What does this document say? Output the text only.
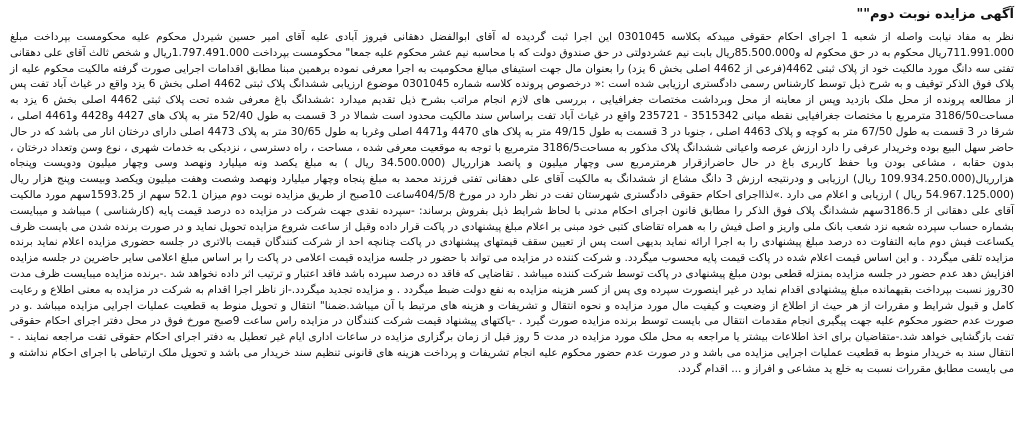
آگهی مزایده نوبت دوم""

نظر به مفاد نیابت واصله از شعبه 1 اجرای احکام حقوقی میبدکه بکلاسه 0301045 این اجرا ثبت گردیده له آقای ابوالفضل دهقانی فیروز آبادی علیه آقای امیر حسین شیردل محکوم علیه محکومست بپرداخت مبلغ 711.991.000ریال محکوم به در حق محکوم له و85.500.000ریال بابت نیم عشردولتی در حق صندوق دولت که با محاسبه نیم عشر محکوم علیه جمعا" محکومست بپرداخت 1.797.491.000ریال و شخص ثالث آقای علی دهقانی تفتی سه دانگ مورد مالکیت خود از پلاک ثبتی 4462(فرعی از 4462 اصلی بخش 6 یزد) را بعنوان مال جهت استیفای مبالغ محکومیت به اجرا معرفی نموده برهمین مبنا مطابق اقدامات اجرایی صورت گرفته مالکیت محکوم علیه از پلاک فوق الذکر توقیف و به شرح ذیل توسط کارشناس رسمی دادگستری ارزیابی شده است :« درخصوص پرونده کلاسه شماره 0301045 موضوع ارزیابی ششدانگ پلاک ثبتی 4462 اصلی بخش 6 یزد واقع در غیاث آباد تفت پس از مطالعه پرونده از محل ملک بازدید وپس از معاینه از محل وبرداشت مختصات جغرافیایی ، بررسی های لازم انجام مراتب بشرح ذیل تقدیم میدارد :ششدانگ باغ معرفی شده تحت پلاک ثبتی 4462 اصلی بخش 6 یزد به مساحت3186/50 مترمربع با مختصات جغرافیایی نقطه میانی 3515342 - 235721 واقع در غیاث آباد تفت براساس سند مالکیت محدود است شمالا در 3 قسمت به طول 52/40 متر به پلاک های 4427 و4428 و4461 اصلی ، شرقا در 3 قسمت به طول 67/50 متر به کوچه و پلاک 4463 اصلی ، جنوبا در 3 قسمت به طول 49/15 متر به پلاک های 4470 و4471 اصلی وغربا به طول 30/65 متر به پلاک 4473 اصلی دارای درختان انار می باشد که در حال حاضر سهل البیع بوده وخریدار عرفی را دارد ارزش عرصه واعیانی ششدانگ پلاک مذکور به مساحت3186/5 مترمربع با توجه به موقعیت معرفی شده ، مساحت ، راه دسترسی ، نزدیکی به خدمات شهری ، نوع وسن وتعداد درختان ، بدون حقابه ، مشاعی بودن وبا حفظ کاربری باغ در حال حاضرازقرار هرمترمربع سی وچهار میلیون و پانصد هزارریال (34.500.000 ریال ) به مبلغ یکصد ونه میلیارد ونهصد وسی وچهار میلیون ودویست وپنجاه هزارریال(109.934.250.000 ریال) ارزیابی و ودرنتیجه ارزش 3 دانگ مشاع از ششدانگ به مالکیت آقای علی دهقانی تفتی فرزند محمد به مبلغ پنجاه وچهار میلیارد ونهصد وشصت وهفت میلیون ویکصد وبیست وپنج هزار ریال (54.967.125.000 ریال ) ارزیابی و اعلام می دارد .»لذااجرای احکام حقوقی دادگستری شهرستان تفت در نظر دارد در مورخ 404/5/8ساعت 10صبح از طریق مزایده نوبت دوم میزان 52.1 سهم از 1593.25سهم مورد مالکیت آقای علی دهقانی از 3186.5سهم ششدانگ پلاک فوق الذکر را مطابق قانون اجرای احکام مدنی با لحاظ شرایط ذیل بفروش برساند: -سپرده نقدی جهت شرکت در مزایده ده درصد قیمت پایه (کارشناسی ) میباشد و میبایست بشماره حساب سپرده شعبه نزد شعب بانک ملی واریز و اصل فیش را به همراه تقاضای کتبی خود مبنی بر اعلام مبلغ پیشنهادی در پاکت قرار داده وقبل از ساعت شروع مزایده تحویل نماید و در صورت برنده شدن می بایست ظرف یکساعت فیش دوم مابه التفاوت ده درصد مبلغ پیشنهادی را به اجرا ارائه نماید بدیهی است پس از تعیین سقف قیمتهای پیشنهادی در پاکت چنانچه احد از شرکت کنندگان قیمت بالاتری در جلسه حضوری مزایده اعلام نماید برنده مزایده تلقی میگردد . و این اساس قیمت اعلام شده در پاکت قیمت پایه محسوب میگردد. و شرکت کننده در مزایده می تواند با حضور در جلسه مزایده قیمت اعلامی در پاکت را بر اساس مبلغ اعلامی سایر حاضرین در جلسه مزایده افزایش دهد عدم حضور در جلسه مزایده بمنزله قطعی بودن مبلغ پیشنهادی در پاکت توسط شرکت کننده میباشد . تقاضایی که فاقد ده درصد سپرده باشد فاقد اعتبار و ترتیب اثر داده نخواهد شد .-برنده مزایده میبایست ظرف مدت 30روز نسبت بپرداخت بقیهمانده مبلغ پیشنهادی اقدام نماید در غیر اینصورت سپرده وی پس از کسر هزینه مزایده به نفع دولت ضبط میگردد . و مزایده تجدید میگردد.-از ناظر اجرا اقدام به شرکت در مزایده به معنی اطلاع و رعایت کامل و قبول شرایط و مقررات از هر حیث از اطلاع از وضعیت و کیفیت مال مورد مزایده و نحوه انتقال و تشریفات و هزینه های مرتبط با آن میباشد.ضمنا" انتقال و تحویل منوط به قطعیت عملیات اجرایی مزایده میباشد .و در صورت عدم حضور محکوم علیه جهت پیگیری انجام مقدمات انتقال می بایست توسط برنده مزایده صورت گیرد . -یاکتهای پیشنهاد قیمت شرکت کنندگان در مزایده راس ساعت 9صبح مورخ فوق در محل دفتر اجرای احکام حقوقی تفت بازگشایی خواهد شد.-متقاضیان برای اخذ اطلاعات بیشتر یا مراجعه به محل ملک مورد مزایده در مدت 5 روز قبل از زمان برگزاری مزایده در ساعات اداری ایام غیر تعطیل به دفتر اجرای احکام حقوقی تفت مراجعه نمایند . - انتقال سند به خریدار منوط به قطعیت عملیات اجرایی مزایده می باشد و در صورت عدم حضور محکوم علیه انجام تشریفات و پرداخت هزینه های قانونی تنظیم سند خریدار می باشد و تحویل ملک ارتباطی با اجرای احکام نداشته و می بایست مطابق مقررات نسبت به خلع ید مشاعی و افراز و ... اقدام گردد.
